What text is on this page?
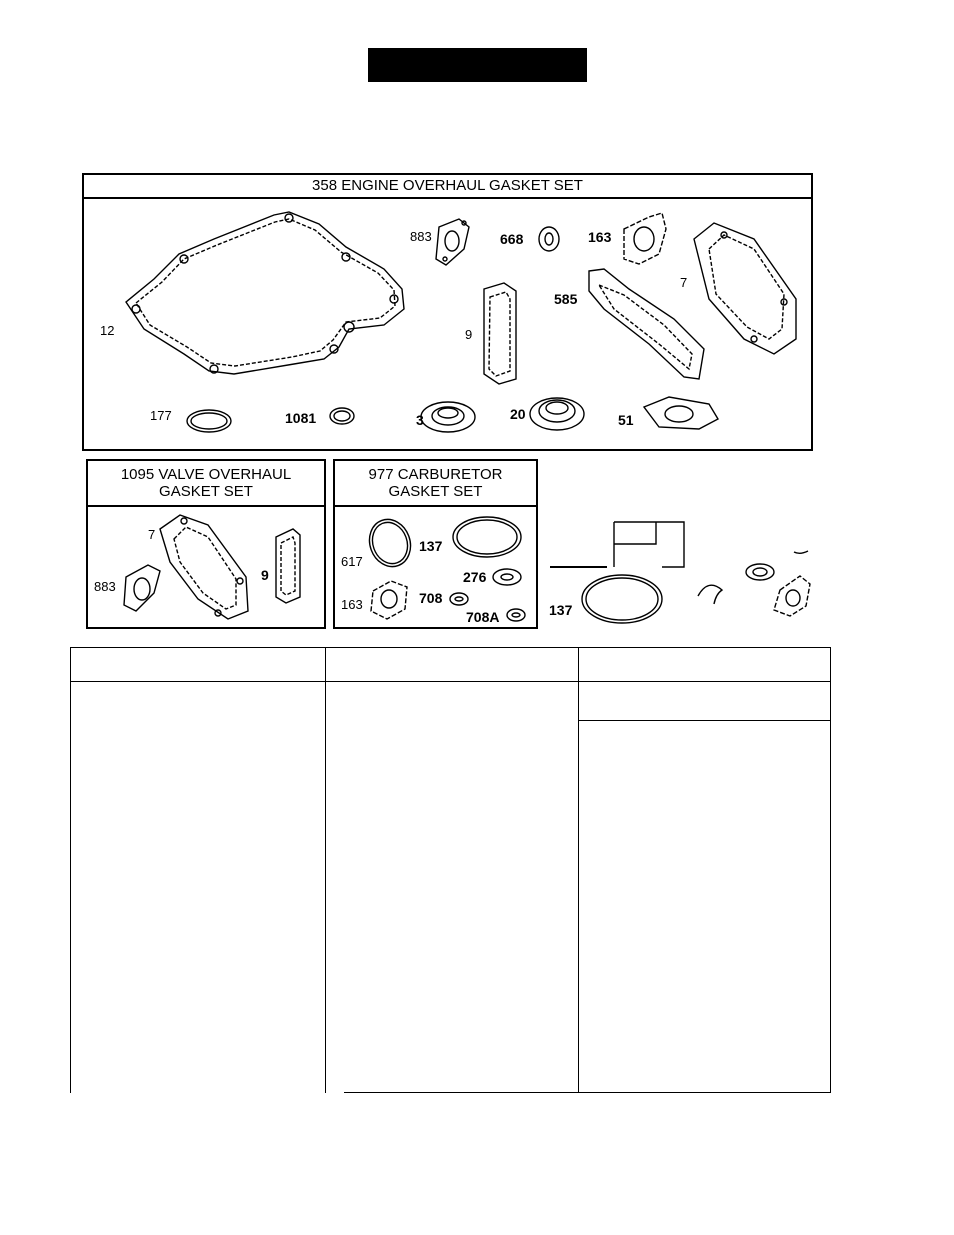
358 ENGINE OVERHAUL GASKET SET
12
883	668	163
7
585
9
177	1081	3	20	51
1095 VALVE OVERHAUL
GASKET SET
7
883
9
977 CARBURETOR
GASKET SET
617
137
276
163	708
708A	137
